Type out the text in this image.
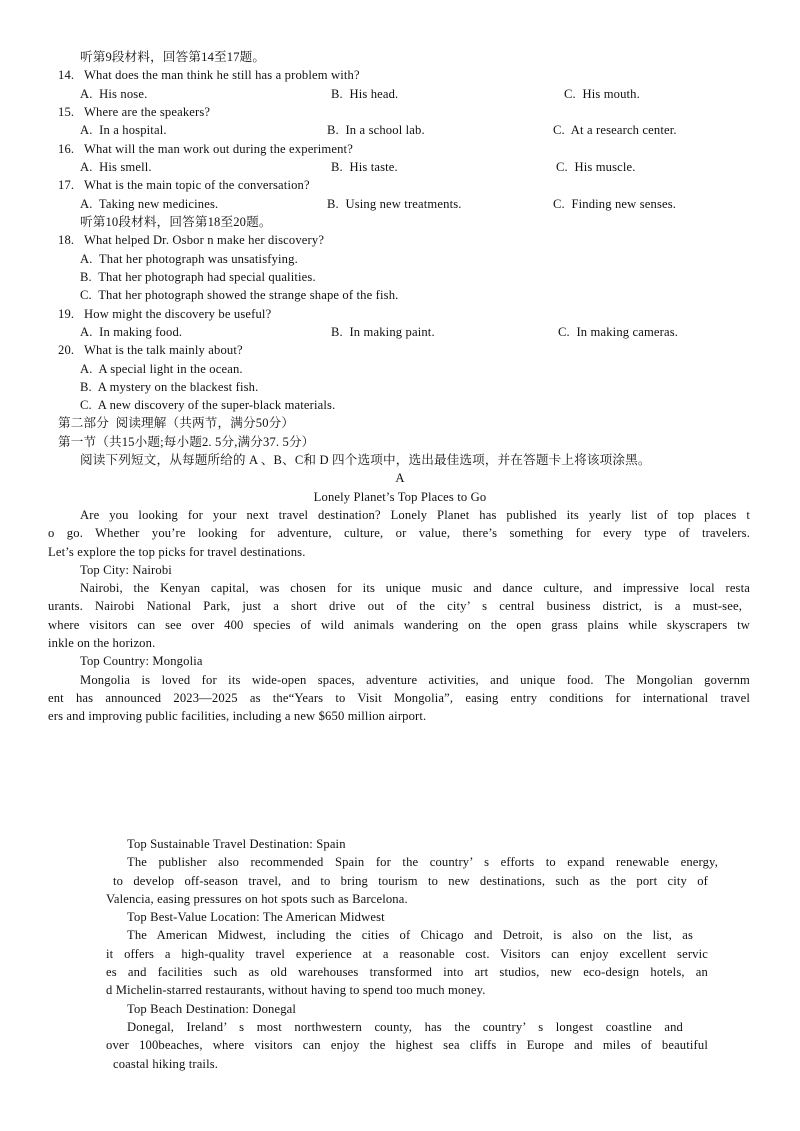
听第9段材料，回答第14至17题。
14. What does the man think he still has a problem with?
A.  His nose.	B.  His head.	C.  His mouth.
15. Where are the speakers?
A.  In a hospital.	B.  In a school lab.	C.  At a research center.
16. What will the man work out during the experiment?
A.  His smell.	B.  His taste.	C.  His muscle.
17. What is the main topic of the conversation?
A.  Taking new medicines.	B.  Using new treatments.	C.  Finding new senses.
听第10段材料，回答第18至20题。
18. What helped Dr. Osbor n make her discovery?
A.  That her photograph was unsatisfying.
B.  That her photograph had special qualities.
C.  That her photograph showed the strange shape of the fish.
19. How might the discovery be useful?
A.  In making food.	B.  In making paint.	C.  In making cameras.
20. What is the talk mainly about?
A.  A special light in the ocean.
B.  A mystery on the blackest fish.
C.  A new discovery of the super-black materials.
第二部分  阅读理解（共两节，满分50分）
第一节（共15小题;每小题2. 5分,满分37. 5分）
阅读下列短文，从每题所给的 A 、B、C和 D 四个选项中，选出最佳选项，并在答题卡上将该项涂黑。
A
Lonely Planet’s Top Places to Go
Are you looking for your next travel destination? Lonely Planet has published its yearly list of top places t
o go. Whether you’re looking for adventure, culture, or value, there’s something for every type of travelers.
Let’s explore the top picks for travel destinations.
Top City: Nairobi
Nairobi, the Kenyan capital, was chosen for its unique music and dance culture, and impressive local resta
urants. Nairobi National Park, just a short drive out of the city’ s central business district, is a must-see,
where visitors can see over 400 species of wild animals wandering on the open grass plains while skyscrapers tw
inkle on the horizon.
Top Country: Mongolia
Mongolia is loved for its wide-open spaces, adventure activities, and unique food. The Mongolian governm
ent has announced 2023—2025 as the“Years to Visit Mongolia”, easing entry conditions for international travel
ers and improving public facilities, including a new $650 million airport.
Top Sustainable Travel Destination: Spain
The publisher also recommended Spain for the country’ s efforts to expand renewable energy,
to develop off-season travel, and to bring tourism to new destinations, such as the port city of
Valencia, easing pressures on hot spots such as Barcelona.
Top Best-Value Location: The American Midwest
The American Midwest, including the cities of Chicago and Detroit, is also on the list, as
it offers a high-quality travel experience at a reasonable cost. Visitors can enjoy excellent servic
es and facilities such as old warehouses transformed into art studios, new eco-design hotels, an
d Michelin-starred restaurants, without having to spend too much money.
Top Beach Destination: Donegal
Donegal, Ireland’ s most northwestern county, has the country’ s longest coastline and
over 100beaches, where visitors can enjoy the highest sea cliffs in Europe and miles of beautiful
coastal hiking trails.
